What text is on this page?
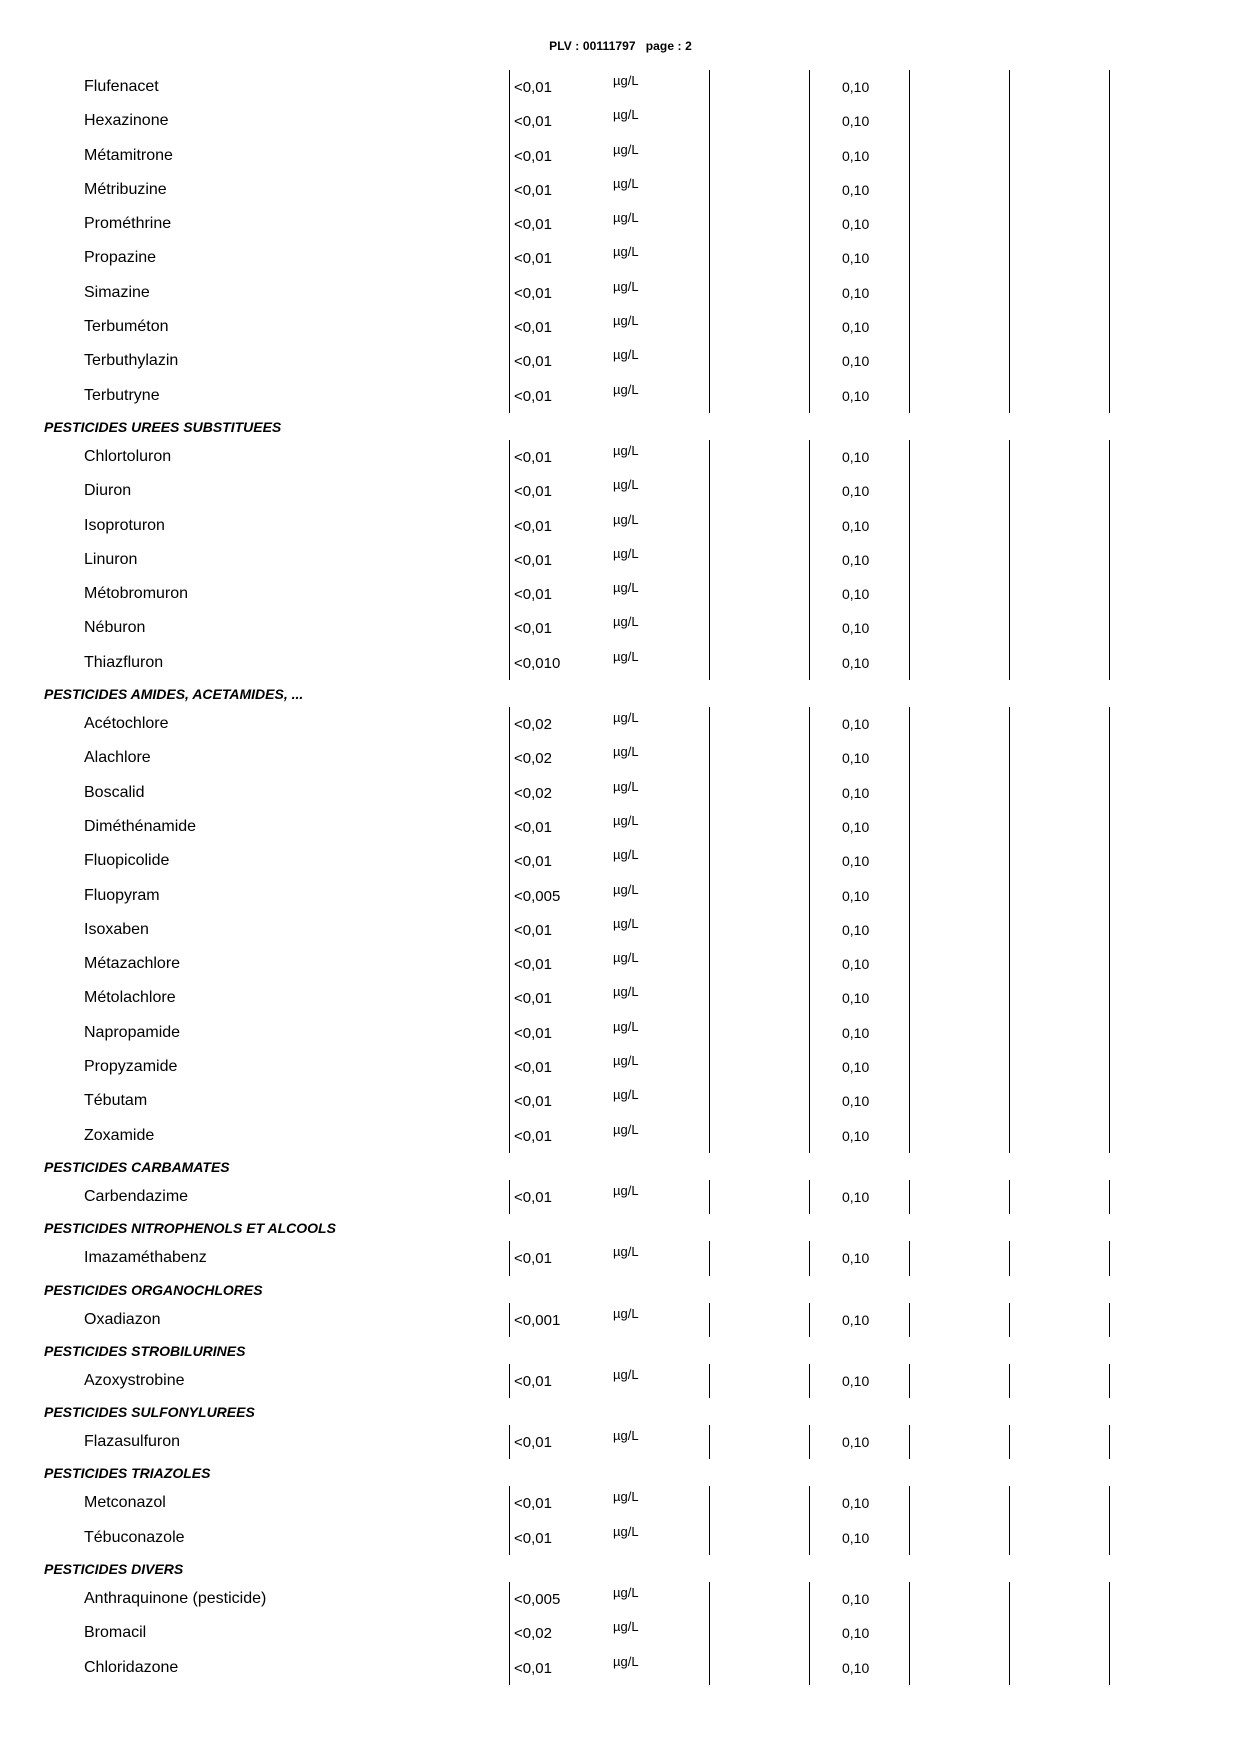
PLV : 00111797 page : 2
Flufenacet	<0,01	µg/L	0,10
Hexazinone	<0,01	µg/L	0,10
Métamitrone	<0,01	µg/L	0,10
Métribuzine	<0,01	µg/L	0,10
Prométhrine	<0,01	µg/L	0,10
Propazine	<0,01	µg/L	0,10
Simazine	<0,01	µg/L	0,10
Terbuméton	<0,01	µg/L	0,10
Terbuthylazin	<0,01	µg/L	0,10
Terbutryne	<0,01	µg/L	0,10
PESTICIDES UREES SUBSTITUEES
Chlortoluron	<0,01	µg/L	0,10
Diuron	<0,01	µg/L	0,10
Isoproturon	<0,01	µg/L	0,10
Linuron	<0,01	µg/L	0,10
Métobromuron	<0,01	µg/L	0,10
Néburon	<0,01	µg/L	0,10
Thiazfluron	<0,010	µg/L	0,10
PESTICIDES AMIDES, ACETAMIDES, ...
Acétochlore	<0,02	µg/L	0,10
Alachlore	<0,02	µg/L	0,10
Boscalid	<0,02	µg/L	0,10
Diméthénamide	<0,01	µg/L	0,10
Fluopicolide	<0,01	µg/L	0,10
Fluopyram	<0,005	µg/L	0,10
Isoxaben	<0,01	µg/L	0,10
Métazachlore	<0,01	µg/L	0,10
Métolachlore	<0,01	µg/L	0,10
Napropamide	<0,01	µg/L	0,10
Propyzamide	<0,01	µg/L	0,10
Tébutam	<0,01	µg/L	0,10
Zoxamide	<0,01	µg/L	0,10
PESTICIDES CARBAMATES
Carbendazime	<0,01	µg/L	0,10
PESTICIDES NITROPHENOLS ET ALCOOLS
Imazaméthabenz	<0,01	µg/L	0,10
PESTICIDES ORGANOCHLORES
Oxadiazon	<0,001	µg/L	0,10
PESTICIDES STROBILURINES
Azoxystrobine	<0,01	µg/L	0,10
PESTICIDES SULFONYLUREES
Flazasulfuron	<0,01	µg/L	0,10
PESTICIDES TRIAZOLES
Metconazol	<0,01	µg/L	0,10
Tébuconazole	<0,01	µg/L	0,10
PESTICIDES DIVERS
Anthraquinone (pesticide)	<0,005	µg/L	0,10
Bromacil	<0,02	µg/L	0,10
Chloridazone	<0,01	µg/L	0,10
